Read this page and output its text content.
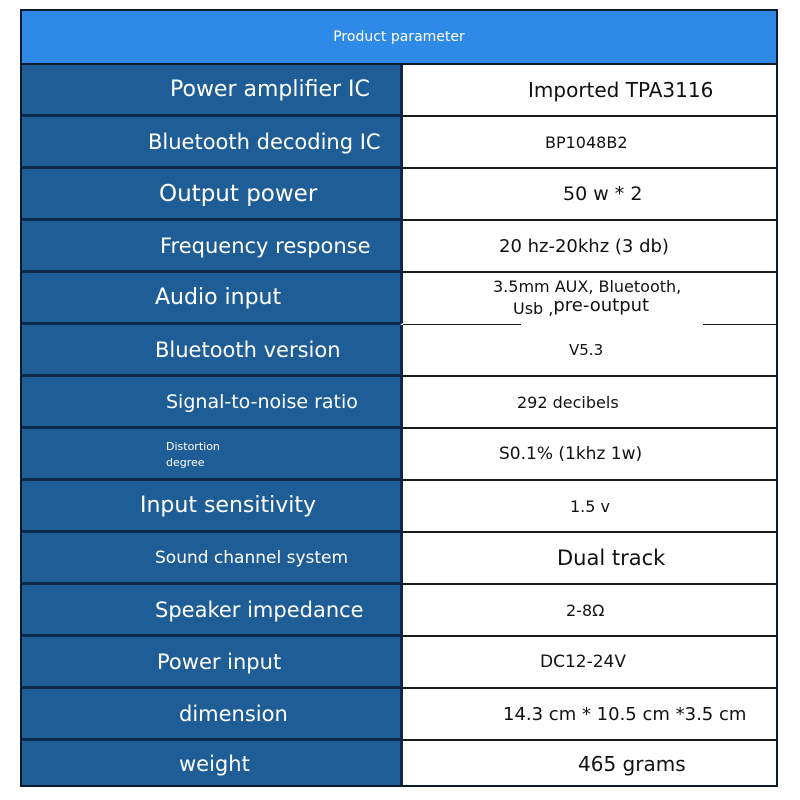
Product parameter
Power amplifier IC	Imported TPA3116
Bluetooth decoding IC	BP1048B2
Output power	50 w * 2
Frequency response	20 hz-20khz (3 db)
Audio input	3.5mm AUX, Bluetooth,
Usb ,pre-output
Bluetooth version	V5.3
Signal-to-noise ratio	292 decibels
Distortion
degree	S0.1% (1khz 1w)
Input sensitivity	1.5 v
Sound channel system	Dual track
Speaker impedance	2-8Ω
Power input	DC12-24V
dimension	14.3 cm * 10.5 cm *3.5 cm
weight	465 grams
